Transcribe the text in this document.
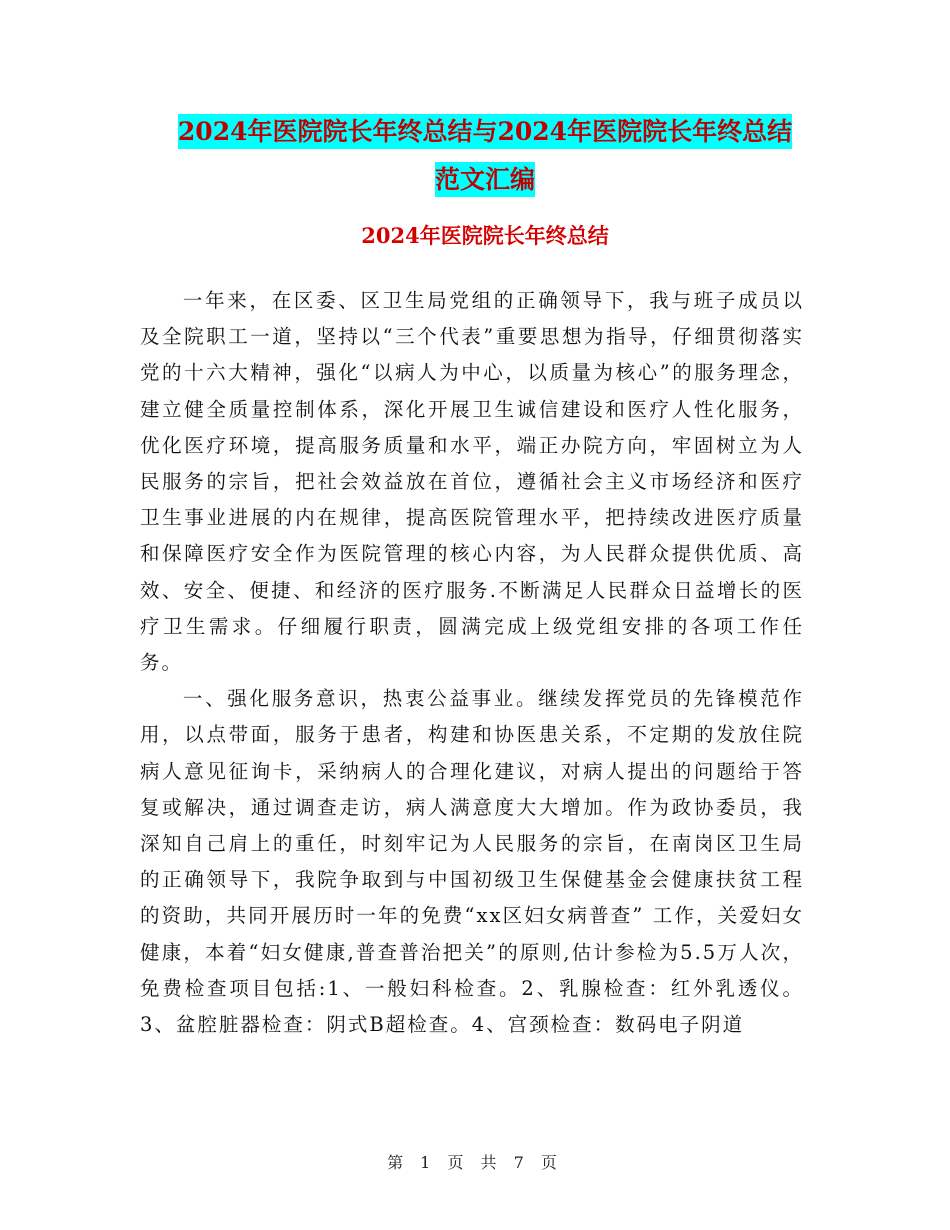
2024年医院院长年终总结与2024年医院院长年终总结
范文汇编
2024年医院院长年终总结

一年来，在区委、区卫生局党组的正确领导下，我与班子成员以及全院职工一道，坚持以“三个代表”重要思想为指导，仔细贯彻落实党的十六大精神，强化“以病人为中心，以质量为核心”的服务理念，建立健全质量控制体系，深化开展卫生诚信建设和医疗人性化服务，优化医疗环境，提高服务质量和水平，端正办院方向，牢固树立为人民服务的宗旨，把社会效益放在首位，遵循社会主义市场经济和医疗卫生事业进展的内在规律，提高医院管理水平，把持续改进医疗质量和保障医疗安全作为医院管理的核心内容，为人民群众提供优质、高效、安全、便捷、和经济的医疗服务.不断满足人民群众日益增长的医疗卫生需求。仔细履行职责，圆满完成上级党组安排的各项工作任务。

一、强化服务意识，热衷公益事业。继续发挥党员的先锋模范作用，以点带面，服务于患者，构建和协医患关系，不定期的发放住院病人意见征询卡，采纳病人的合理化建议，对病人提出的问题给于答复或解决，通过调查走访，病人满意度大大增加。作为政协委员，我深知自己肩上的重任，时刻牢记为人民服务的宗旨，在南岗区卫生局的正确领导下，我院争取到与中国初级卫生保健基金会健康扶贫工程的资助，共同开展历时一年的免费“xx区妇女病普查” 工作，关爱妇女健康，本着“妇女健康,普查普治把关”的原则,估计参检为5.5万人次，免费检查项目包括:1、一般妇科检查。2、乳腺检查：红外乳透仪。3、盆腔脏器检查：阴式B超检查。4、宫颈检查：数码电子阴道

第 1 页 共 7 页
